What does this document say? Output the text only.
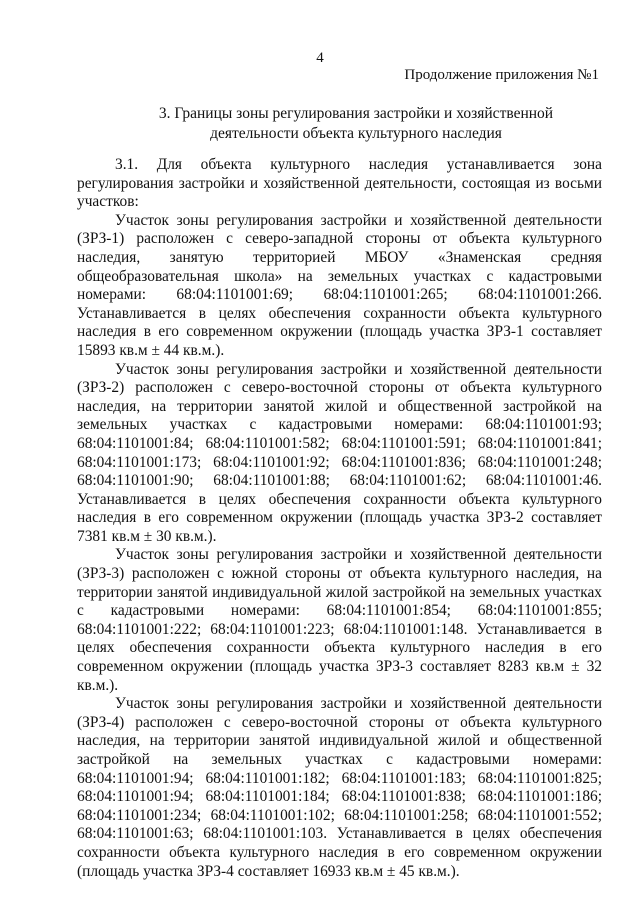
4
Продолжение приложения №1
3. Границы зоны регулирования застройки и хозяйственной
деятельности объекта культурного наследия

3.1. Для объекта культурного наследия устанавливается зона регулирования застройки и хозяйственной деятельности, состоящая из восьми участков:

Участок зоны регулирования застройки и хозяйственной деятельности (ЗРЗ-1) расположен с северо-западной стороны от объекта культурного наследия, занятую территорией МБОУ «Знаменская средняя общеобразовательная школа» на земельных участках с кадастровыми номерами: 68:04:1101001:69; 68:04:1101001:265; 68:04:1101001:266. Устанавливается в целях обеспечения сохранности объекта культурного наследия в его современном окружении (площадь участка ЗРЗ-1 составляет 15893 кв.м ± 44 кв.м.).

Участок зоны регулирования застройки и хозяйственной деятельности (ЗРЗ-2) расположен с северо-восточной стороны от объекта культурного наследия, на территории занятой жилой и общественной застройкой на земельных участках с кадастровыми номерами: 68:04:1101001:93; 68:04:1101001:84; 68:04:1101001:582; 68:04:1101001:591; 68:04:1101001:841; 68:04:1101001:173; 68:04:1101001:92; 68:04:1101001:836; 68:04:1101001:248; 68:04:1101001:90; 68:04:1101001:88; 68:04:1101001:62; 68:04:1101001:46. Устанавливается в целях обеспечения сохранности объекта культурного наследия в его современном окружении (площадь участка ЗРЗ-2 составляет 7381 кв.м ± 30 кв.м.).

Участок зоны регулирования застройки и хозяйственной деятельности (ЗРЗ-3) расположен с южной стороны от объекта культурного наследия, на территории занятой индивидуальной жилой застройкой на земельных участках с кадастровыми номерами: 68:04:1101001:854; 68:04:1101001:855; 68:04:1101001:222; 68:04:1101001:223; 68:04:1101001:148. Устанавливается в целях обеспечения сохранности объекта культурного наследия в его современном окружении (площадь участка ЗРЗ-3 составляет 8283 кв.м ± 32 кв.м.).

Участок зоны регулирования застройки и хозяйственной деятельности (ЗРЗ-4) расположен с северо-восточной стороны от объекта культурного наследия, на территории занятой индивидуальной жилой и общественной застройкой на земельных участках с кадастровыми номерами: 68:04:1101001:94; 68:04:1101001:182; 68:04:1101001:183; 68:04:1101001:825; 68:04:1101001:94; 68:04:1101001:184; 68:04:1101001:838; 68:04:1101001:186; 68:04:1101001:234; 68:04:1101001:102; 68:04:1101001:258; 68:04:1101001:552; 68:04:1101001:63; 68:04:1101001:103. Устанавливается в целях обеспечения сохранности объекта культурного наследия в его современном окружении (площадь участка ЗРЗ-4 составляет 16933 кв.м ± 45 кв.м.).
